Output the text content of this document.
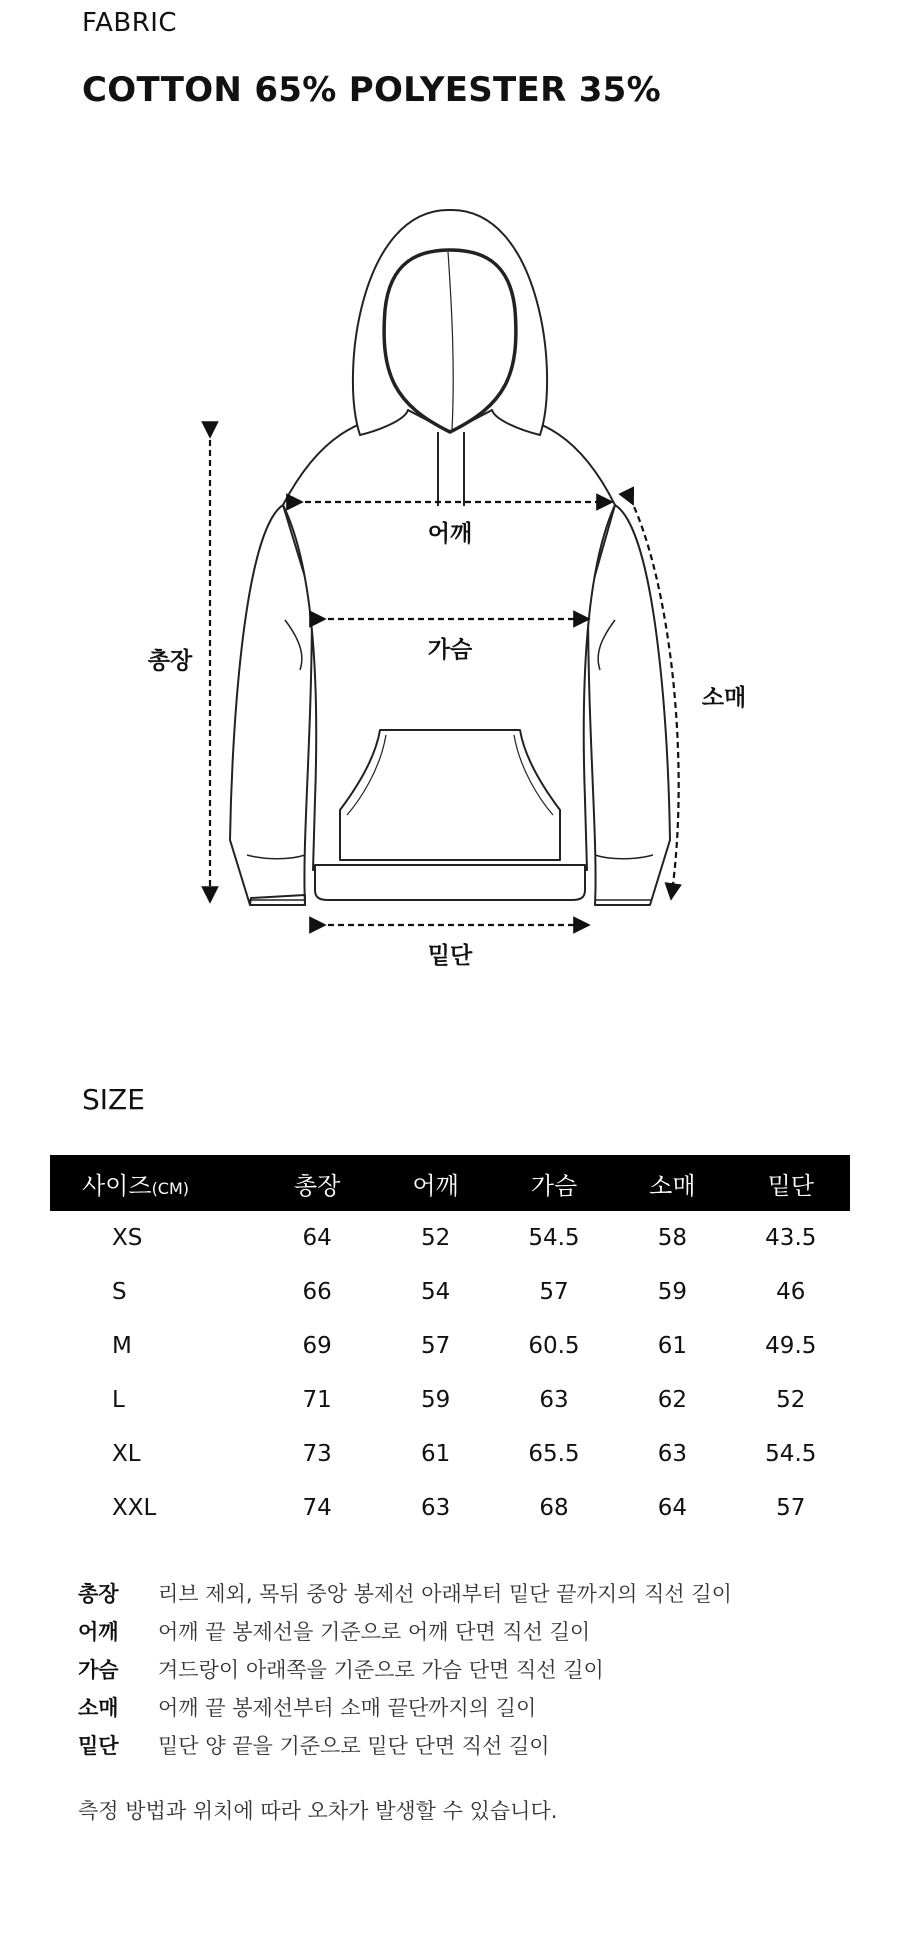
FABRIC
COTTON 65% POLYESTER 35%
어깨
가슴
총장
소매
밑단
SIZE
사이즈(CM)	총장	어깨	가슴	소매	밑단
XS	64	52	54.5	58	43.5
S	66	54	57	59	46
M	69	57	60.5	61	49.5
L	71	59	63	62	52
XL	73	61	65.5	63	54.5
XXL	74	63	68	64	57
총장	리브 제외, 목뒤 중앙 봉제선 아래부터 밑단 끝까지의 직선 길이
어깨	어깨 끝 봉제선을 기준으로 어깨 단면 직선 길이
가슴	겨드랑이 아래쪽을 기준으로 가슴 단면 직선 길이
소매	어깨 끝 봉제선부터 소매 끝단까지의 길이
밑단	밑단 양 끝을 기준으로 밑단 단면 직선 길이
측정 방법과 위치에 따라 오차가 발생할 수 있습니다.
